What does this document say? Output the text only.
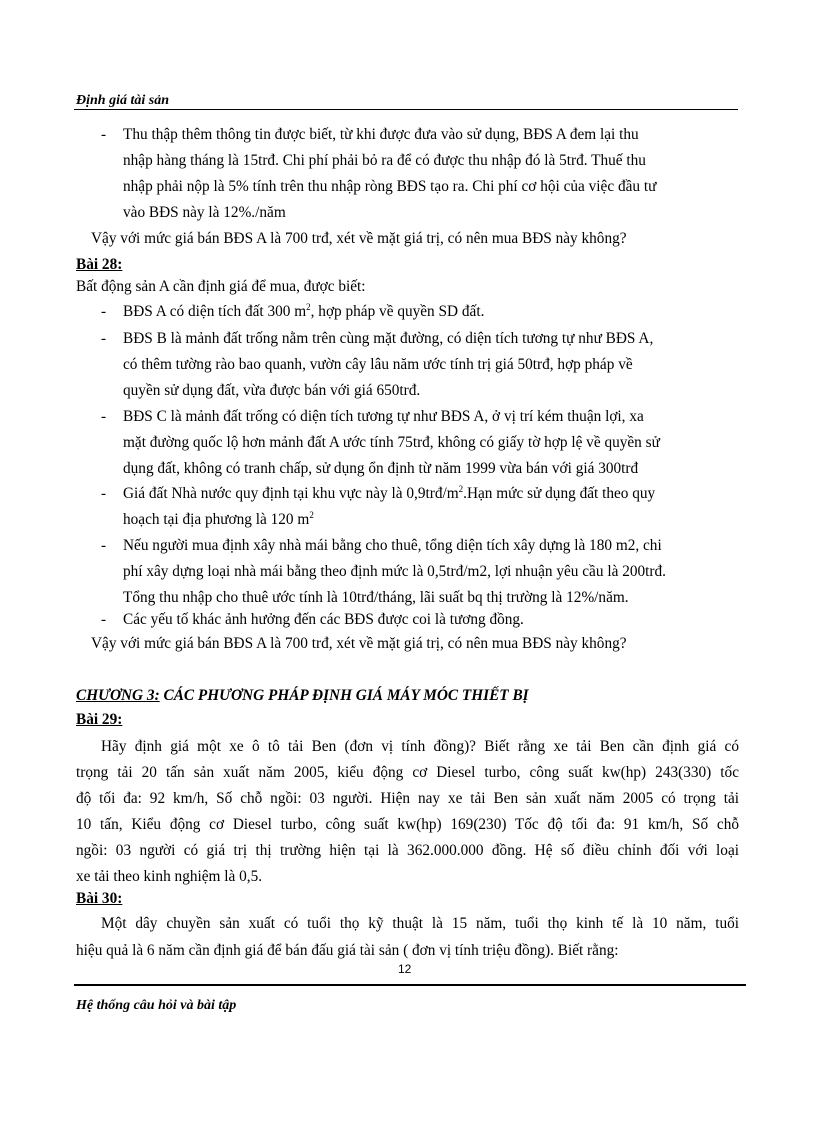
Định giá tài sản
- Thu thập thêm thông tin được biết, từ khi được đưa vào sử dụng, BĐS A đem lại thu
nhập hàng tháng là 15trđ. Chi phí phải bỏ ra để có được thu nhập đó là 5trđ. Thuế thu
nhập phải nộp là 5% tính trên thu nhập ròng BĐS tạo ra. Chi phí cơ hội của việc đầu tư
vào BĐS này là 12%./năm
Vậy với mức giá bán BĐS A là 700 trđ, xét về mặt giá trị, có nên mua BĐS này không?
Bài 28:
Bất động sản A cần định giá để mua, được biết:
- BĐS A có diện tích đất 300 $m^2$, hợp pháp về quyền SD đất.
- BĐS B là mảnh đất trống nằm trên cùng mặt đường, có diện tích tương tự như BĐS A,
có thêm tường rào bao quanh, vườn cây lâu năm ước tính trị giá 50trđ, hợp pháp về
quyền sử dụng đất, vừa được bán với giá 650trđ.
- BĐS C là mảnh đất trống có diện tích tương tự như BĐS A, ở vị trí kém thuận lợi, xa
mặt đường quốc lộ hơn mảnh đất A ước tính 75trđ, không có giấy tờ hợp lệ về quyền sử
dụng đất, không có tranh chấp, sử dụng ổn định từ năm 1999 vừa bán với giá 300trđ
- Giá đất Nhà nước quy định tại khu vực này là $0,9trđ/m^2.Hạn$ mức sử dụng đất theo quy
hoạch tại địa phương là 120 $m^2$
- Nếu người mua định xây nhà mái bằng cho thuê, tổng diện tích xây dựng là 180 m2, chi
phí xây dựng loại nhà mái bằng theo định mức là 0,5trđ/m2, lợi nhuận yêu cầu là 200trđ.
Tổng thu nhập cho thuê ước tính là 10trđ/tháng, lãi suất bq thị trường là 12%/năm.
- Các yếu tố khác ảnh hưởng đến các BĐS được coi là tương đồng.
Vậy với mức giá bán BĐS A là 700 trđ, xét về mặt giá trị, có nên mua BĐS này không?
CHƯƠNG 3: CÁC PHƯƠNG PHÁP ĐỊNH GIÁ MÁY MÓC THIẾT BỊ
Bài 29:
Hãy định giá một xe ô tô tải Ben (đơn vị tính đồng)? Biết rằng xe tải Ben cần định giá có
trọng tải 20 tấn sản xuất năm 2005, kiểu động cơ Diesel turbo, công suất kw(hp) 243(330) tốc
độ tối đa: 92 km/h, Số chỗ ngồi: 03 người. Hiện nay xe tải Ben sản xuất năm 2005 có trọng tải
10 tấn, Kiểu động cơ Diesel turbo, công suất kw(hp) 169(230) Tốc độ tối đa: 91 km/h, Số chỗ
ngồi: 03 người có giá trị thị trường hiện tại là 362.000.000 đồng. Hệ số điều chỉnh đối với loại
xe tải theo kinh nghiệm là 0,5.
Bài 30:
Một dây chuyền sản xuất có tuổi thọ kỹ thuật là 15 năm, tuổi thọ kinh tế là 10 năm, tuổi
hiệu quả là 6 năm cần định giá để bán đấu giá tài sản ( đơn vị tính triệu đồng). Biết rằng:
12
Hệ thống câu hỏi và bài tập
